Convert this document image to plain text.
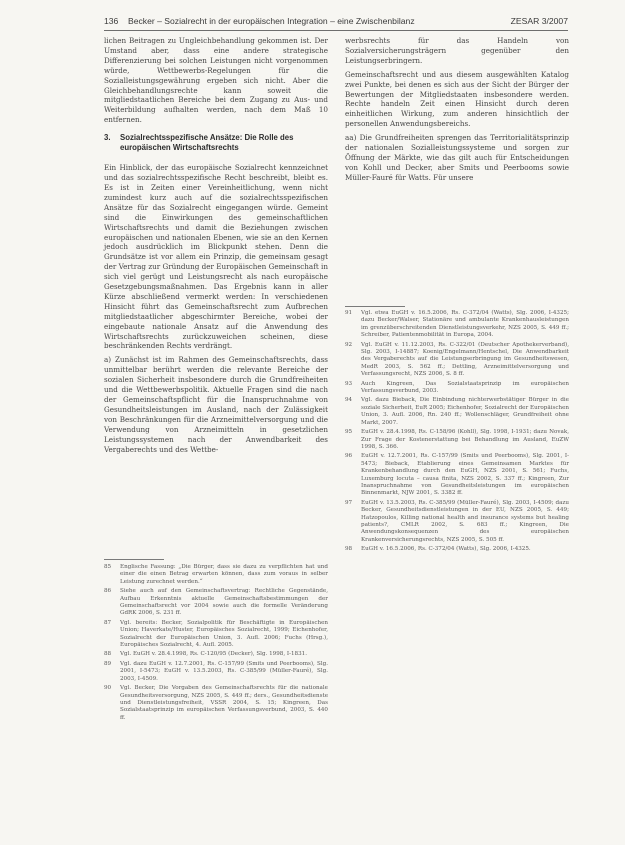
136 Becker – Sozialrecht in der europäischen Integration – eine Zwischenbilanz	ZESAR 3/2007

lichen Beitragen zu Ungleichbehandlung gekommen ist. Der Umstand aber, dass eine andere strategische Differenzierung bei solchen Leistungen nicht vorgenommen würde, Wettbewerbs-Regelungen für die Sozialleistungsgewährung ergeben sich nicht. Aber die Gleichbehandlungsrechte kann soweit die mitgliedstaatlichen Bereiche bei dem Zugang zu Aus- und Weiterbildung aufhalten werden, nach dem Maß 10 entfernen.

3.	Sozialrechtsspezifische Ansätze: Die Rolle des europäischen Wirtschaftsrechts

Ein Hinblick, der das europäische Sozialrecht kennzeichnet und das sozialrechtsspezifische Recht beschreibt, bleibt es. Es ist in Zeiten einer Vereinheitlichung, wenn nicht zumindest kurz auch auf die sozialrechtsspezifischen Ansätze für das Sozialrecht eingegangen würde. Gemeint sind die Einwirkungen des gemeinschaftlichen Wirtschaftsrechts und damit die Beziehungen zwischen europäischen und nationalen Ebenen, wie sie an den Kernen jedoch ausdrücklich im Blickpunkt stehen. Denn die Grundsätze ist vor allem ein Prinzip, die gemeinsam gesagt der Vertrag zur Gründung der Europäischen Gemeinschaft in sich viel gerügt und Leistungsrecht als nach europäische Gesetzgebungsmaßnahmen. Das Ergebnis kann in aller Kürze abschließend vermerkt werden: In verschiedenen Hinsicht führt das Gemeinschaftsrecht zum Aufbrechen mitgliedstaatlicher abgeschirmter Bereiche, wobei der eingebaute nationale Ansatz auf die Anwendung des Wirtschaftsrechts zurückzuweichen scheinen, diese beschränkenden Rechts verdrängt.

a) Zunächst ist im Rahmen des Gemeinschaftsrechts, dass unmittelbar berührt werden die relevante Bereiche der sozialen Sicherheit insbesondere durch die Grundfreiheiten und die Wettbewerbspolitik. Aktuelle Fragen sind die nach der Gemeinschaftspflicht für die Inanspruchnahme von Gesundheitsleistungen im Ausland, nach der Zulässigkeit von Beschränkungen für die Arzneimittelversorgung und die Verwendung von Arzneimitteln in gesetzlichen Leistungssystemen nach der Anwendbarkeit des Vergaberechts und des Wettbe-

85	Englische Fassung: „Die Bürger, dass sie dazu zu verpflichten hat und einer die einen Betrag erwarten können, dass zum voraus in selber Leistung zurechnet werden.“
86	Siehe auch auf den Gemeinschaftsvertrag: Rechtliche Gegenstände, Aufbau Erkenntnis aktuelle Gemeinschaftsbestimmungen der Gemeinschaftsrecht vor 2004 sowie auch die formelle Veränderung GdRK 2006, S. 231 ff.
87	Vgl. bereits: Becker, Sozialpolitik für Beschäftigte in Europäischen Union; Haverkate/Huster, Europäisches Sozialrecht, 1999; Eichenhofer, Sozialrecht der Europäischen Union, 3. Aufl. 2006; Fuchs (Hrsg.), Europäisches Sozialrecht, 4. Aufl. 2005.
88	Vgl. EuGH v. 28.4.1998, Rs. C-120/95 (Decker), Slg. 1998, I-1831.
89	Vgl. dazu EuGH v. 12.7.2001, Rs. C-157/99 (Smits und Peerbooms), Slg. 2001, I-5473; EuGH v. 13.5.2003, Rs. C-385/99 (Müller-Fauré), Slg. 2003, I-4509.
90	Vgl. Becker, Die Vorgaben des Gemeinschaftsrechts für die nationale Gesundheitsversorgung, NZS 2005, S. 449 ff.; ders., Gesundheitsdienste und Dienstleistungsfreiheit, VSSR 2004, S. 15; Kingreen, Das Sozialstaatsprinzip im europäischen Verfassungsverbund, 2003, S. 440 ff.

werbsrechts für das Handeln von Sozialversicherungsträgern gegenüber den Leistungserbringern.

Gemeinschaftsrecht und aus diesem ausgewählten Katalog zwei Punkte, bei denen es sich aus der Sicht der Bürger der Bewertungen der Mitgliedstaaten insbesondere werden. Rechte handeln Zeit einen Hinsicht durch deren einheitlichen Wirkung, zum anderen hinsichtlich der personellen Anwendungsbereichs.

aa) Die Grundfreiheiten sprengen das Territorialitätsprinzip der nationalen Sozialleistungssysteme und sorgen zur Öffnung der Märkte, wie das gilt auch für Entscheidungen von Kohll und Decker, aber Smits und Peerbooms sowie Müller-Fauré für Watts. Für unsere

91	Vgl. etwa EuGH v. 16.5.2006, Rs. C-372/04 (Watts), Slg. 2006, I-4325; dazu Becker/Walser, Stationäre und ambulante Krankenhausleistungen im grenzüberschreitenden Dienstleistungsverkehr, NZS 2005, S. 449 ff.; Schreiber, Patientenmobilität in Europa, 2004.
92	Vgl. EuGH v. 11.12.2003, Rs. C-322/01 (Deutscher Apothekerverband), Slg. 2003, I-14887; Koenig/Engelmann/Hentschel, Die Anwendbarkeit des Vergaberechts auf die Leistungserbringung im Gesundheitswesen, MedR 2003, S. 562 ff.; Dettling, Arzneimittelversorgung und Verfassungsrecht, NZS 2006, S. 8 ff.
93	Auch Kingreen, Das Sozialstaatsprinzip im europäischen Verfassungsverbund, 2003.
94	Vgl. dazu Bieback, Die Einbindung nichterwerbstätiger Bürger in die soziale Sicherheit, EuR 2005; Eichenhofer, Sozialrecht der Europäischen Union, 3. Aufl. 2006, Rn. 240 ff.; Wollenschläger, Grundfreiheit ohne Markt, 2007.
95	EuGH v. 28.4.1998, Rs. C-158/96 (Kohll), Slg. 1998, I-1931; dazu Novak, Zur Frage der Kostenerstattung bei Behandlung im Ausland, EuZW 1998, S. 366.
96	EuGH v. 12.7.2001, Rs. C-157/99 (Smits und Peerbooms), Slg. 2001, I-5473; Bieback, Etablierung eines Gemeinsamen Marktes für Krankenbehandlung durch den EuGH, NZS 2001, S. 561; Fuchs, Luxemburg locuta – causa finita, NZS 2002, S. 337 ff.; Kingreen, Zur Inanspruchnahme von Gesundheitsleistungen im europäischen Binnenmarkt, NJW 2001, S. 3382 ff.
97	EuGH v. 13.5.2003, Rs. C-385/99 (Müller-Fauré), Slg. 2003, I-4509; dazu Becker, Gesundheitsdienstleistungen in der EU, NZS 2005, S. 449; Hatzopoulos, Killing national health and insurance systems but healing patients?, CMLR 2002, S. 683 ff.; Kingreen, Die Anwendungskonsequenzen des europäischen Krankenversicherungsrechts, NZS 2005, S. 505 ff.
98	EuGH v. 16.5.2006, Rs. C-372/04 (Watts), Slg. 2006, I-4325.
